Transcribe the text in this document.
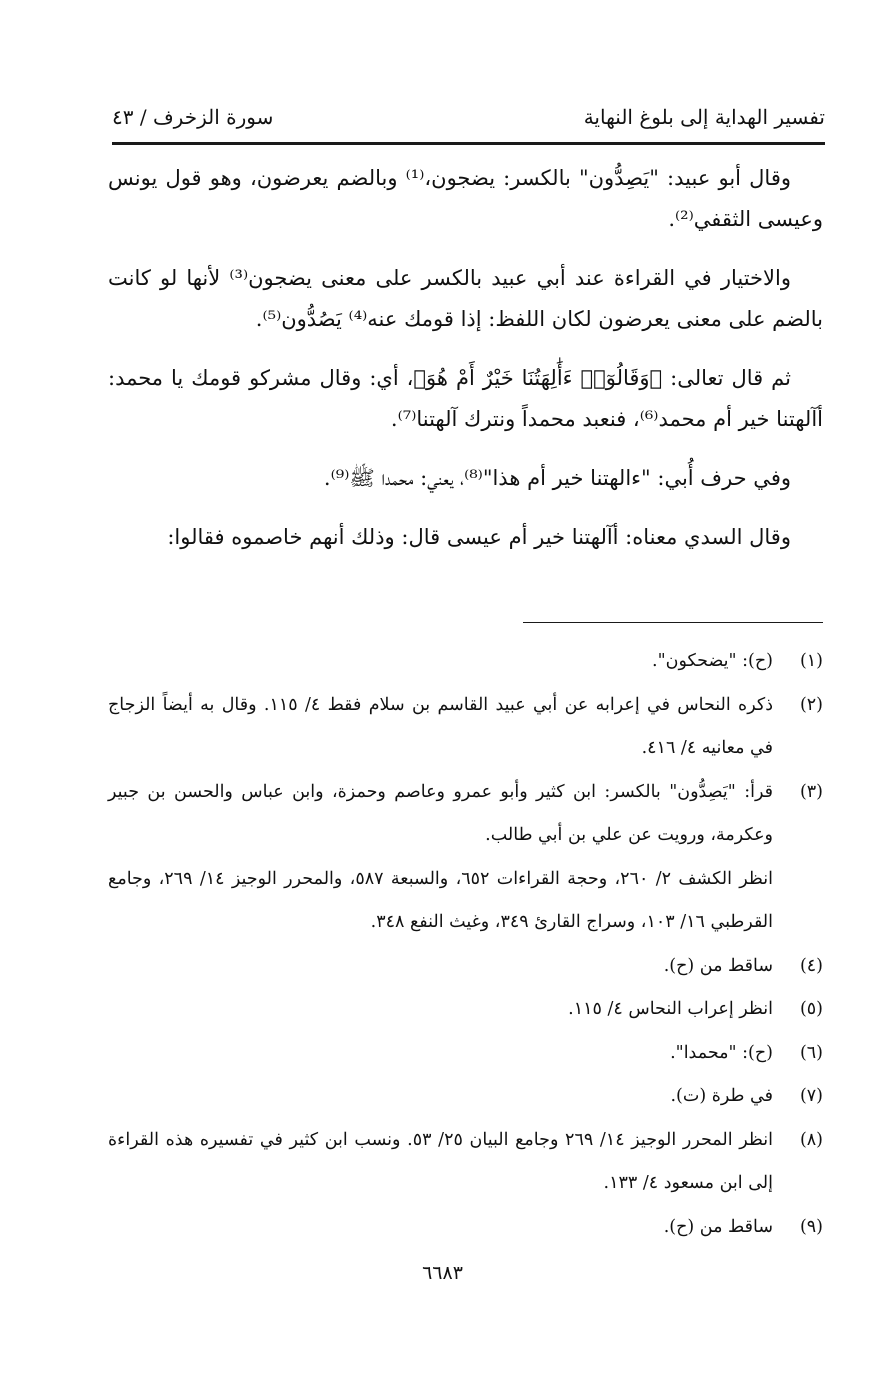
سورة الزخرف / ٤٣	تفسير الهداية إلى بلوغ النهاية

وقال أبو عبيد: "يَصِدُّون" بالكسر: يضجون،⁽¹⁾ وبالضم يعرضون، وهو قول يونس وعيسى الثقفي⁽²⁾.

والاختيار في القراءة عند أبي عبيد بالكسر على معنى يضجون⁽³⁾ لأنها لو كانت بالضم على معنى يعرضون لكان اللفظ: إذا قومك عنه⁽⁴⁾ يَصُدُّون⁽⁵⁾.

ثم قال تعالى: ﴿وَقَالُوٓا۟ ءَأَٰلِهَتُنَا خَيْرٌ أَمْ هُوَ﴾، أي: وقال مشركو قومك يا محمد: أآلهتنا خير أم محمد⁽⁶⁾، فنعبد محمداً ونترك آلهتنا⁽⁷⁾.

وفي حرف أُبي: "ءالهتنا خير أم هذا"⁽⁸⁾، يعني: محمدا ﷺ⁽⁹⁾.

وقال السدي معناه: أآلهتنا خير أم عيسى قال: وذلك أنهم خاصموه فقالوا:

(١)
(ح): "يضحكون".
(٢)
ذكره النحاس في إعرابه عن أبي عبيد القاسم بن سلام فقط ٤/ ١١٥. وقال به أيضاً الزجاج في معانيه ٤/ ٤١٦.
(٣)
قرأ: "يَصِدُّون" بالكسر: ابن كثير وأبو عمرو وعاصم وحمزة، وابن عباس والحسن بن جبير وعكرمة، ورويت عن علي بن أبي طالب.
انظر الكشف ٢/ ٢٦٠، وحجة القراءات ٦٥٢، والسبعة ٥٨٧، والمحرر الوجيز ١٤/ ٢٦٩، وجامع القرطبي ١٦/ ١٠٣، وسراج القارئ ٣٤٩، وغيث النفع ٣٤٨.
(٤)
ساقط من (ح).
(٥)
انظر إعراب النحاس ٤/ ١١٥.
(٦)
(ح): "محمدا".
(٧)
في طرة (ت).
(٨)
انظر المحرر الوجيز ١٤/ ٢٦٩ وجامع البيان ٢٥/ ٥٣. ونسب ابن كثير في تفسيره هذه القراءة إلى ابن مسعود ٤/ ١٣٣.
(٩)
ساقط من (ح).
٦٦٨٣
